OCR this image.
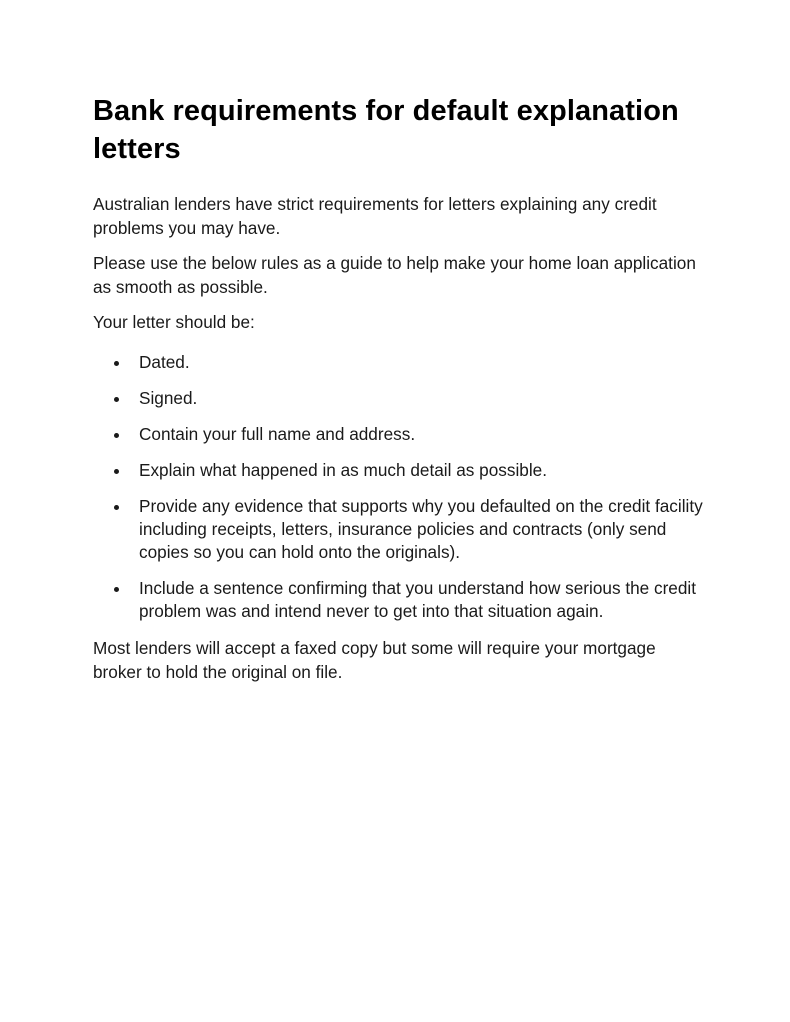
Bank requirements for default explanation letters

Australian lenders have strict requirements for letters explaining any credit problems you may have.

Please use the below rules as a guide to help make your home loan application as smooth as possible.

Your letter should be:

Dated.
Signed.
Contain your full name and address.
Explain what happened in as much detail as possible.
Provide any evidence that supports why you defaulted on the credit facility including receipts, letters, insurance policies and contracts (only send copies so you can hold onto the originals).
Include a sentence confirming that you understand how serious the credit problem was and intend never to get into that situation again.

Most lenders will accept a faxed copy but some will require your mortgage broker to hold the original on file.
